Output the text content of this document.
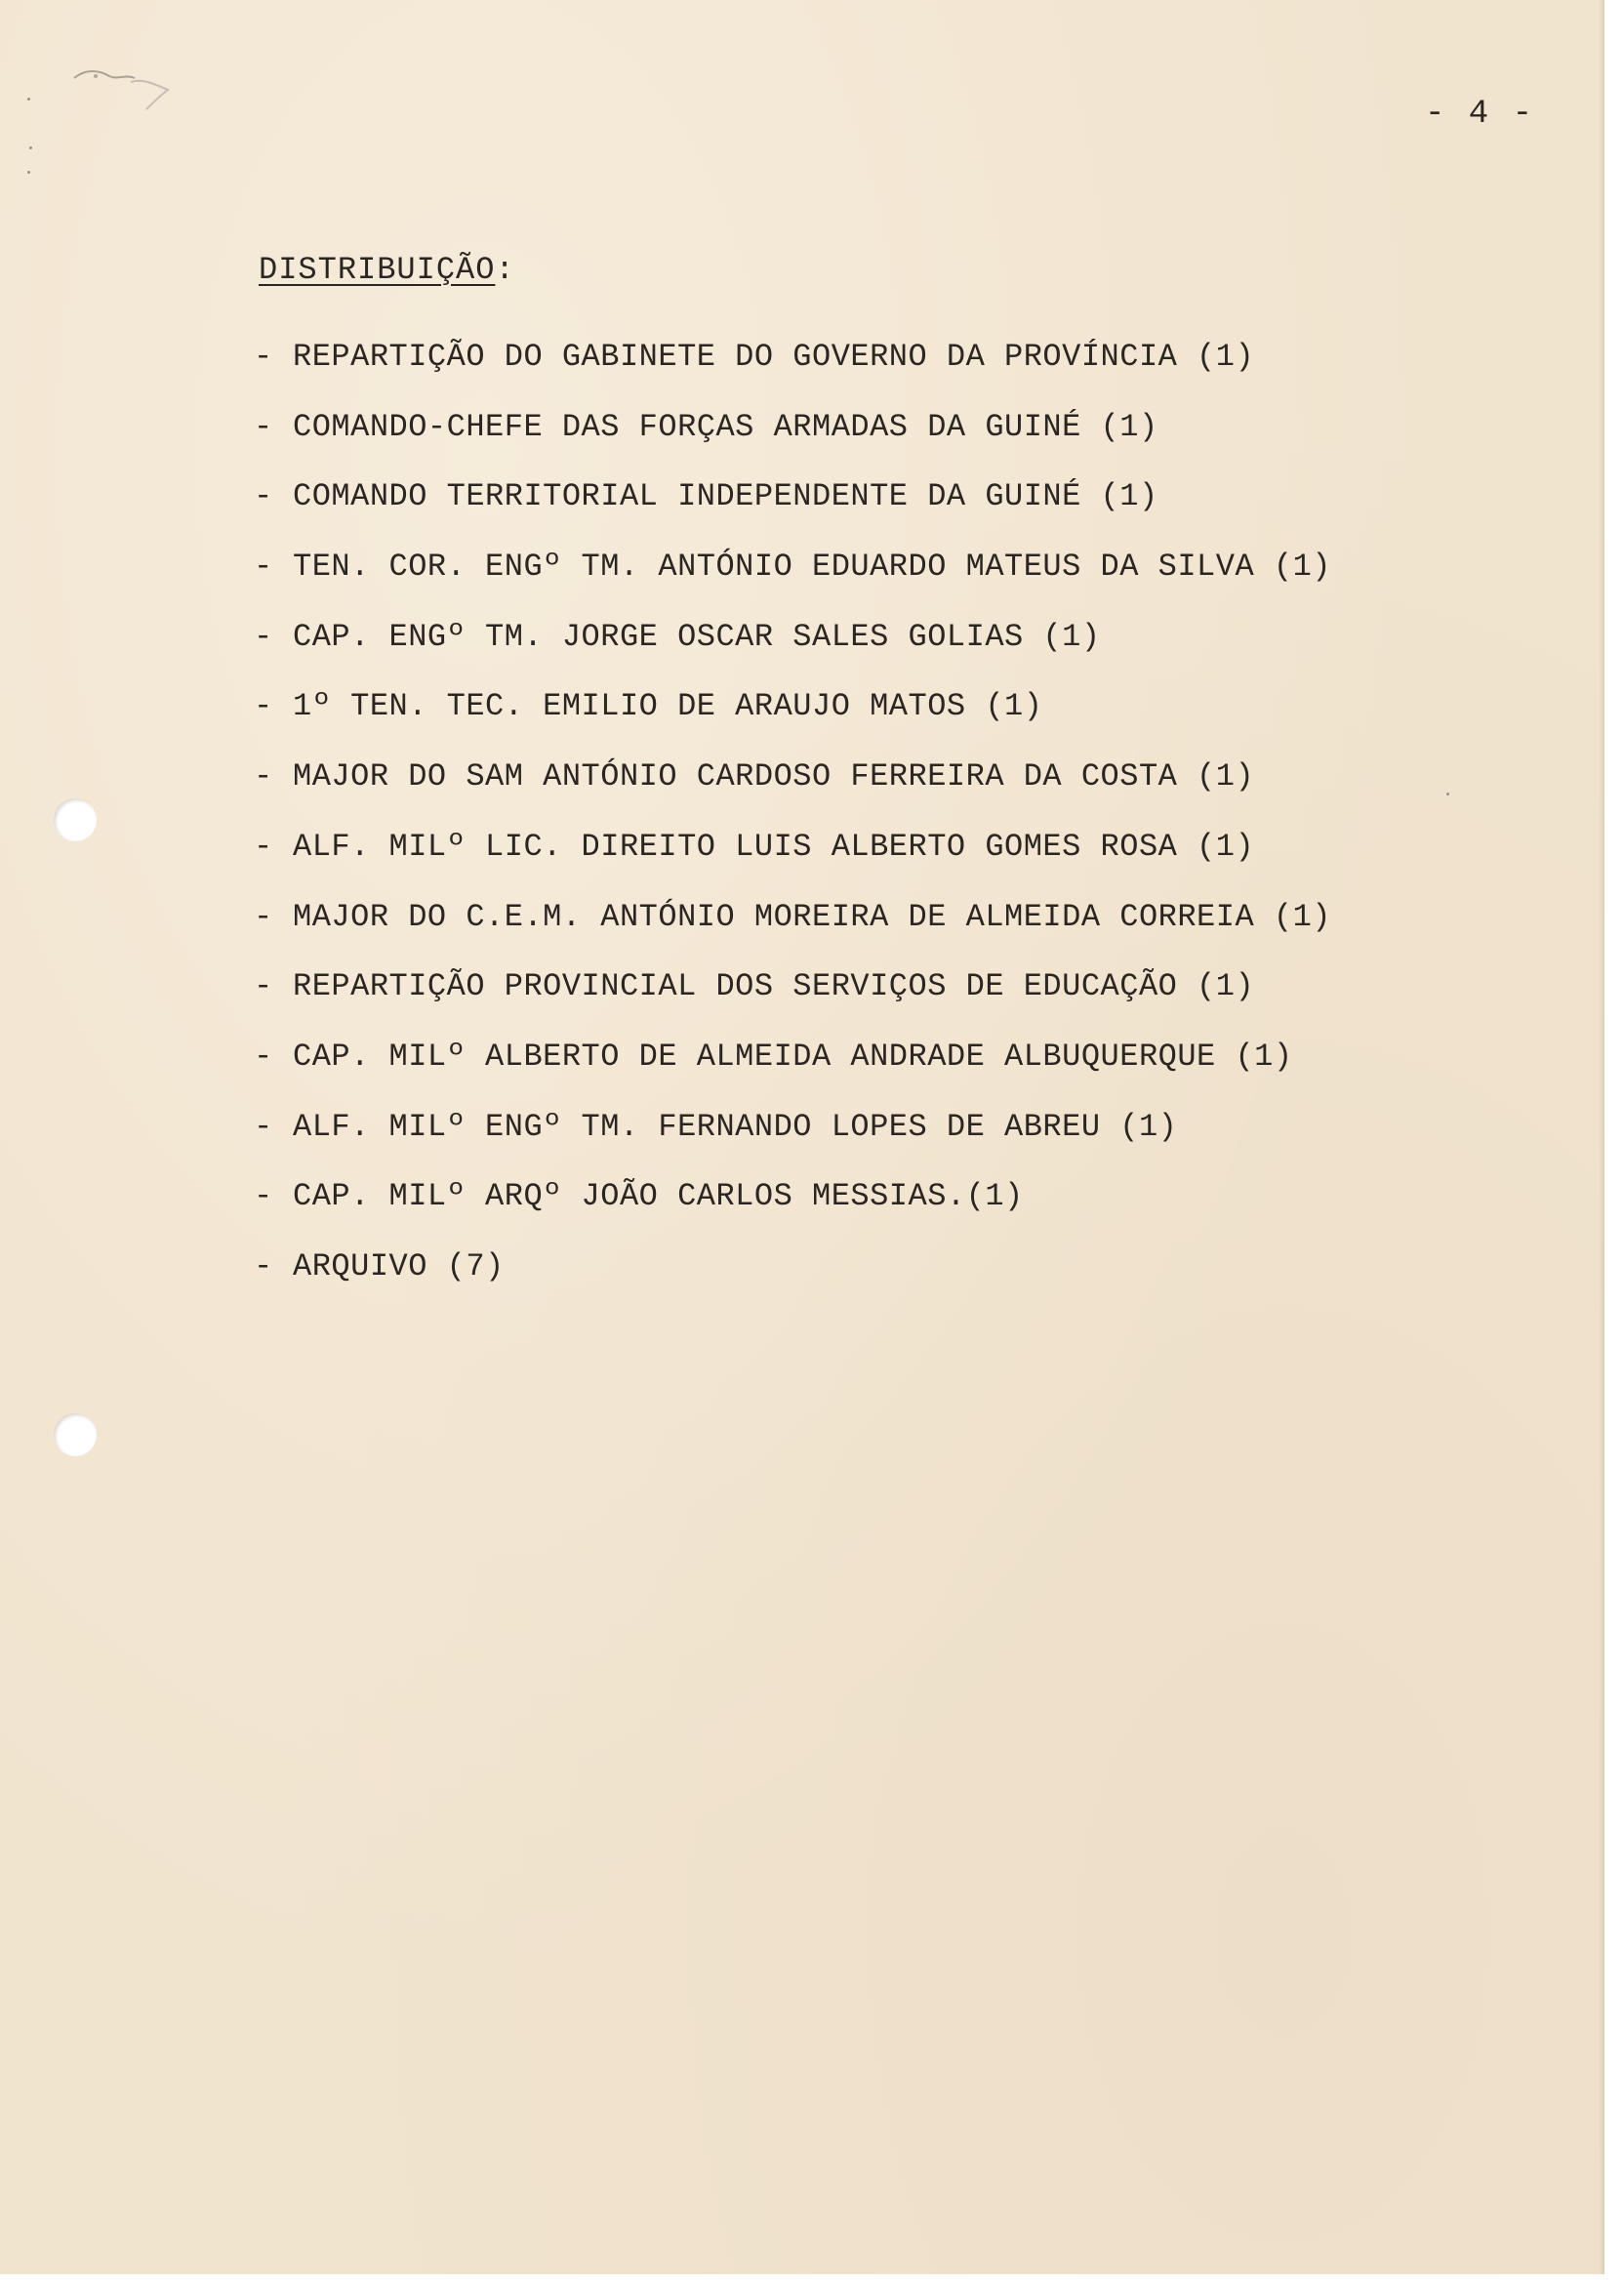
- 4 -
DISTRIBUIÇÃO:
- REPARTIÇÃO DO GABINETE DO GOVERNO DA PROVÍNCIA (1)
- COMANDO-CHEFE DAS FORÇAS ARMADAS DA GUINÉ (1)
- COMANDO TERRITORIAL INDEPENDENTE DA GUINÉ (1)
- TEN. COR. ENGº TM. ANTÓNIO EDUARDO MATEUS DA SILVA (1)
- CAP. ENGº TM. JORGE OSCAR SALES GOLIAS (1)
- 1º TEN. TEC. EMILIO DE ARAUJO MATOS (1)
- MAJOR DO SAM ANTÓNIO CARDOSO FERREIRA DA COSTA (1)
- ALF. MILº LIC. DIREITO LUIS ALBERTO GOMES ROSA (1)
- MAJOR DO C.E.M. ANTÓNIO MOREIRA DE ALMEIDA CORREIA (1)
- REPARTIÇÃO PROVINCIAL DOS SERVIÇOS DE EDUCAÇÃO (1)
- CAP. MILº ALBERTO DE ALMEIDA ANDRADE ALBUQUERQUE (1)
- ALF. MILº ENGº TM. FERNANDO LOPES DE ABREU (1)
- CAP. MILº ARQº JOÃO CARLOS MESSIAS.(1)
- ARQUIVO (7)
